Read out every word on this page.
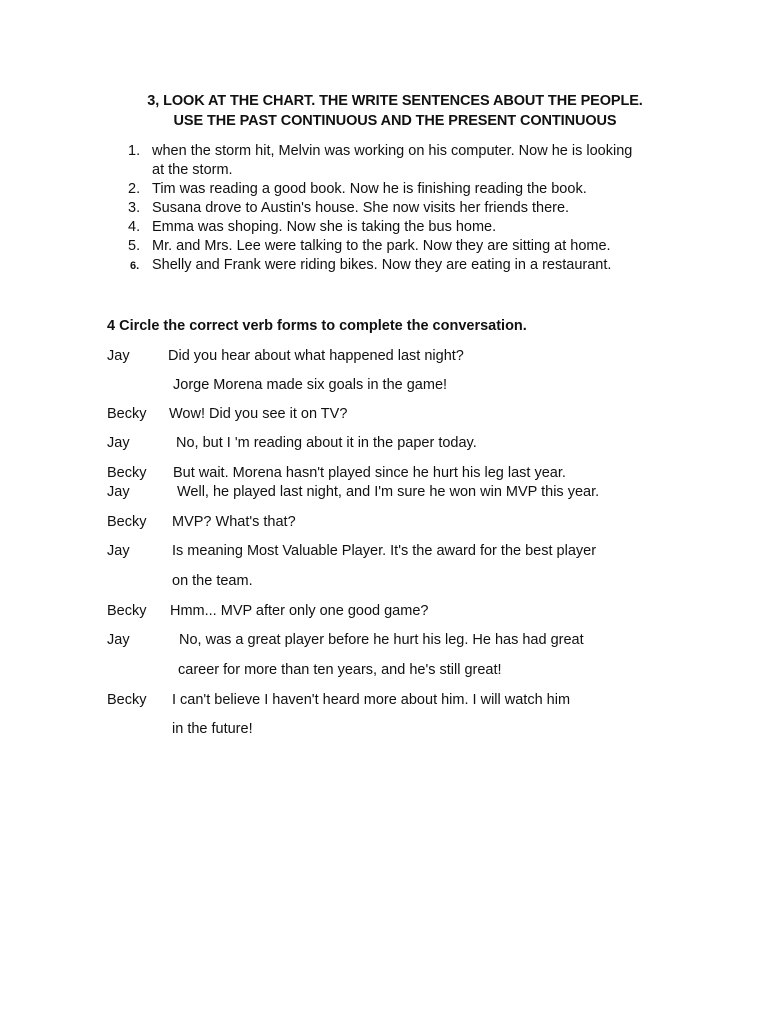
3, LOOK AT THE CHART. THE WRITE SENTENCES ABOUT THE PEOPLE.
USE THE PAST CONTINUOUS AND THE PRESENT CONTINUOUS
1. when the storm hit, Melvin was working on his computer. Now he is looking
at the storm.
2. Tim was reading a good book. Now he is finishing reading the book.
3. Susana drove to Austin's house. She now visits her friends there.
4. Emma was shoping. Now she is taking the bus home.
5. Mr. and Mrs. Lee were talking to the park. Now they are sitting at home.
6. Shelly and Frank were riding bikes. Now they are eating in a restaurant.
4 Circle the correct verb forms to complete the conversation.
Jay	Did you hear about what happened last night?
Jorge Morena made six goals in the game!
Becky Wow! Did you see it on TV?
Jay	No, but I 'm reading about it in the paper today.
Becky But wait. Morena hasn't played since he hurt his leg last year.
Jay	Well, he played last night, and I'm sure he won win MVP this year.
Becky MVP? What's that?
Jay	Is meaning Most Valuable Player. It's the award for the best player
on the team.
Becky Hmm... MVP after only one good game?
Jay	No, was a great player before he hurt his leg. He has had great
career for more than ten years, and he's still great!
Becky I can't believe I haven't heard more about him. I will watch him
in the future!
